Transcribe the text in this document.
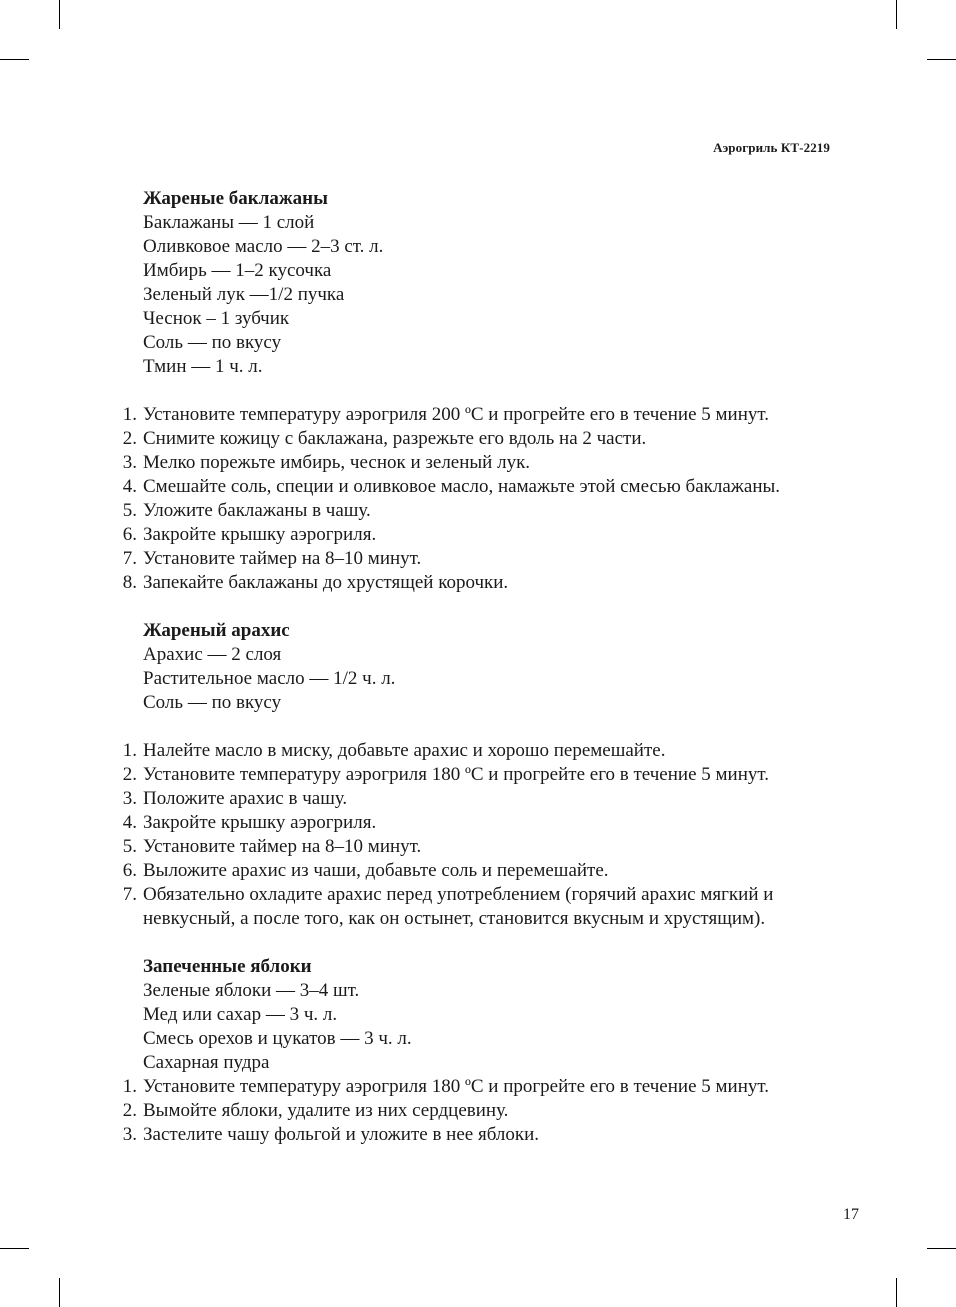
Аэрогриль КТ-2219
Жареные баклажаны
Баклажаны — 1 слой
Оливковое масло — 2–3 ст. л.
Имбирь — 1–2 кусочка
Зеленый лук —1/2 пучка
Чеснок – 1 зубчик
Соль — по вкусу
Тмин — 1 ч. л.
1. Установите температуру аэрогриля 200 ºС и прогрейте его в течение 5 минут.
2. Снимите кожицу с баклажана, разрежьте его вдоль на 2 части.
3. Мелко порежьте имбирь, чеснок и зеленый лук.
4. Смешайте соль, специи и оливковое масло, намажьте этой смесью баклажаны.
5. Уложите баклажаны в чашу.
6. Закройте крышку аэрогриля.
7. Установите таймер на 8–10 минут.
8. Запекайте баклажаны до хрустящей корочки.
Жареный арахис
Арахис — 2 слоя
Растительное масло — 1/2 ч. л.
Соль — по вкусу
1. Налейте масло в миску, добавьте арахис и хорошо перемешайте.
2. Установите температуру аэрогриля 180 ºС и прогрейте его в течение 5 минут.
3. Положите арахис в чашу.
4. Закройте крышку аэрогриля.
5. Установите таймер на 8–10 минут.
6. Выложите арахис из чаши, добавьте соль и перемешайте.
7. Обязательно охладите арахис перед употреблением (горячий арахис мягкий и невкусный, а после того, как он остынет, становится вкусным и хрустящим).
Запеченные яблоки
Зеленые яблоки — 3–4 шт.
Мед или сахар — 3 ч. л.
Смесь орехов и цукатов — 3 ч. л.
Сахарная пудра
1. Установите температуру аэрогриля 180 ºС и прогрейте его в течение 5 минут.
2. Вымойте яблоки, удалите из них сердцевину.
3. Застелите чашу фольгой и уложите в нее яблоки.
17
